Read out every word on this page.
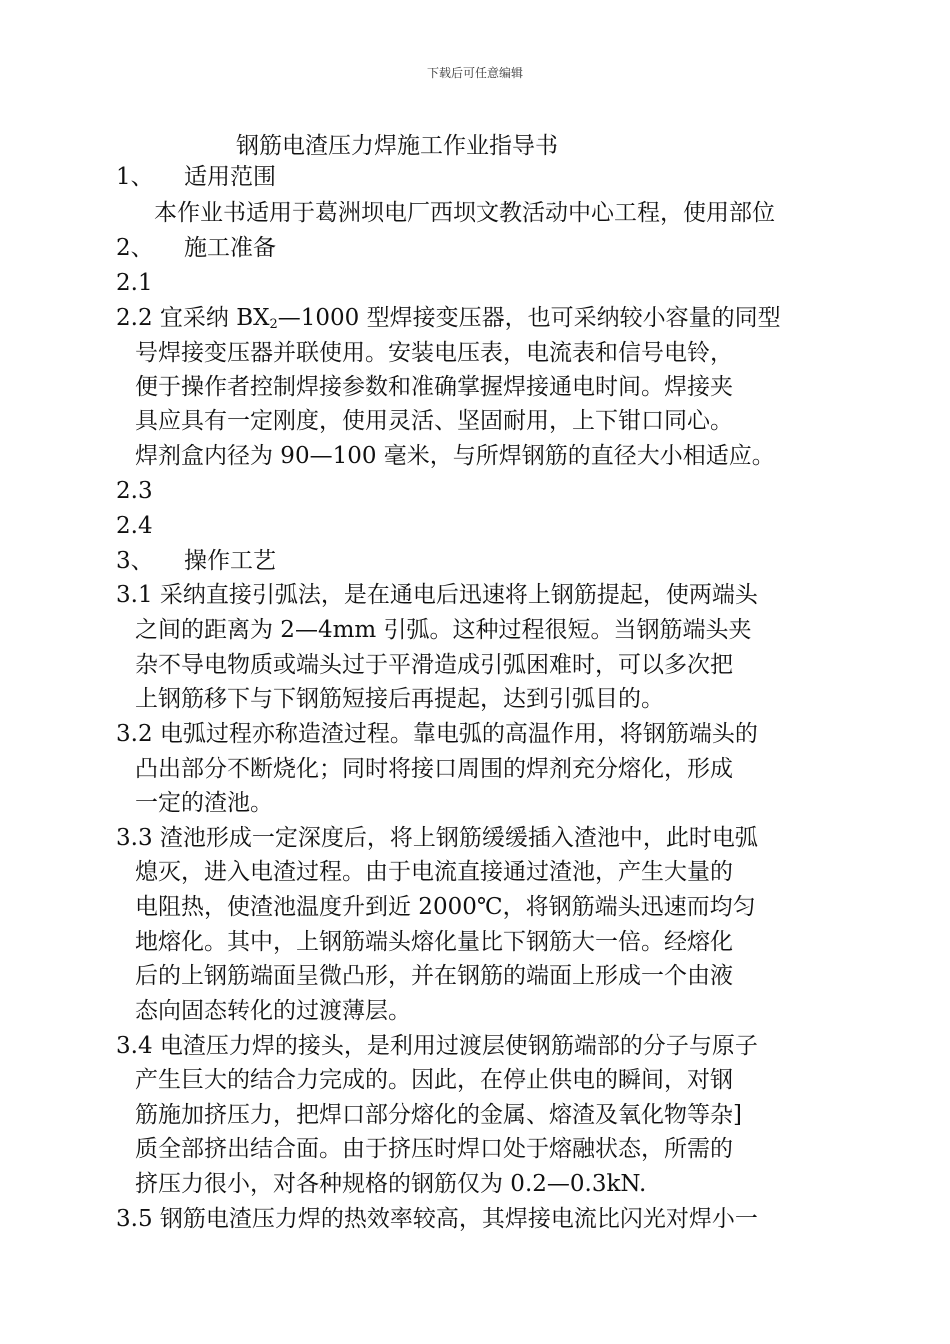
下载后可任意编辑
钢筋电渣压力焊施工作业指导书
1、 适用范围
本作业书适用于葛洲坝电厂西坝文教活动中心工程，使用部位
2、 施工准备
2.1
2.2 宜采纳 $BX_2—1000$ 型焊接变压器，也可采纳较小容量的同型
号焊接变压器并联使用。安装电压表，电流表和信号电铃，
便于操作者控制焊接参数和准确掌握焊接通电时间。焊接夹
具应具有一定刚度，使用灵活、坚固耐用，上下钳口同心。
焊剂盒内径为 90—100 毫米，与所焊钢筋的直径大小相适应。
2.3
2.4
3、 操作工艺
3.1 采纳直接引弧法，是在通电后迅速将上钢筋提起，使两端头
之间的距离为 2—4mm 引弧。这种过程很短。当钢筋端头夹
杂不导电物质或端头过于平滑造成引弧困难时，可以多次把
上钢筋移下与下钢筋短接后再提起，达到引弧目的。
3.2 电弧过程亦称造渣过程。靠电弧的高温作用，将钢筋端头的
凸出部分不断烧化；同时将接口周围的焊剂充分熔化，形成
一定的渣池。
3.3 渣池形成一定深度后，将上钢筋缓缓插入渣池中，此时电弧
熄灭，进入电渣过程。由于电流直接通过渣池，产生大量的
电阻热，使渣池温度升到近 2000℃，将钢筋端头迅速而均匀
地熔化。其中，上钢筋端头熔化量比下钢筋大一倍。经熔化
后的上钢筋端面呈微凸形，并在钢筋的端面上形成一个由液
态向固态转化的过渡薄层。
3.4 电渣压力焊的接头，是利用过渡层使钢筋端部的分子与原子
产生巨大的结合力完成的。因此，在停止供电的瞬间，对钢
筋施加挤压力，把焊口部分熔化的金属、熔渣及氧化物等杂]
质全部挤出结合面。由于挤压时焊口处于熔融状态，所需的
挤压力很小，对各种规格的钢筋仅为 0.2—0.3kN.
3.5 钢筋电渣压力焊的热效率较高，其焊接电流比闪光对焊小一
